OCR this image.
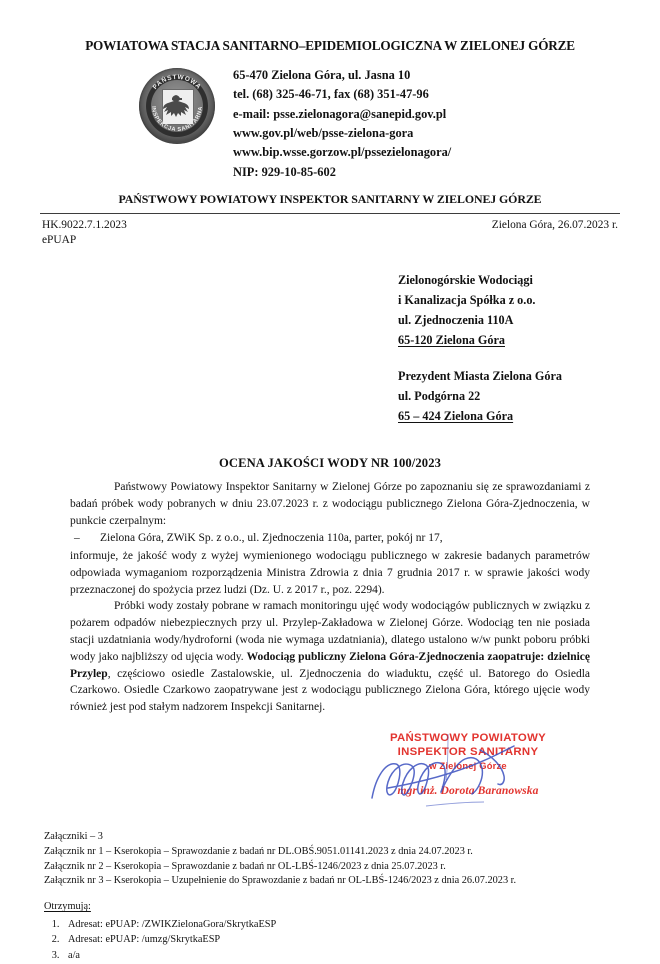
POWIATOWA STACJA SANITARNO–EPIDEMIOLOGICZNA W ZIELONEJ GÓRZE
PAŃSTWOWA
INSPEKCJA SANITARNA
65-470 Zielona Góra, ul. Jasna 10
tel. (68) 325-46-71, fax (68) 351-47-96
e-mail: psse.zielonagora@sanepid.gov.pl
www.gov.pl/web/psse-zielona-gora
www.bip.wsse.gorzow.pl/pssezielonagora/
NIP: 929-10-85-602
PAŃSTWOWY POWIATOWY INSPEKTOR SANITARNY W ZIELONEJ GÓRZE
HK.9022.7.1.2023
ePUAP
Zielona Góra, 26.07.2023 r.
Zielonogórskie Wodociągi
i Kanalizacja Spółka z o.o.
ul. Zjednoczenia 110A
65-120 Zielona Góra
Prezydent Miasta Zielona Góra
ul. Podgórna 22
65 – 424 Zielona Góra
OCENA JAKOŚCI WODY NR 100/2023

Państwowy Powiatowy Inspektor Sanitarny w Zielonej Górze po zapoznaniu się ze sprawozdaniami z badań próbek wody pobranych w dniu 23.07.2023 r. z wodociągu publicznego Zielona Góra-Zjednoczenia, w punkcie czerpalnym:

– Zielona Góra, ZWiK Sp. z o.o., ul. Zjednoczenia 110a, parter, pokój nr 17,

informuje, że jakość wody z wyżej wymienionego wodociągu publicznego w zakresie badanych parametrów odpowiada wymaganiom rozporządzenia Ministra Zdrowia z dnia 7 grudnia 2017 r. w sprawie jakości wody przeznaczonej do spożycia przez ludzi (Dz. U. z 2017 r., poz. 2294).

Próbki wody zostały pobrane w ramach monitoringu ujęć wody wodociągów publicznych w związku z pożarem odpadów niebezpiecznych przy ul. Przylep-Zakładowa w Zielonej Górze. Wodociąg ten nie posiada stacji uzdatniania wody/hydroforni (woda nie wymaga uzdatniania), dlatego ustalono w/w punkt poboru próbki wody jako najbliższy od ujęcia wody. Wodociąg publiczny Zielona Góra-Zjednoczenia zaopatruje: dzielnicę Przylep, częściowo osiedle Zastalowskie, ul. Zjednoczenia do wiaduktu, część ul. Batorego do Osiedla Czarkowo. Osiedle Czarkowo zaopatrywane jest z wodociągu publicznego Zielona Góra, którego ujęcie wody również jest pod stałym nadzorem Inspekcji Sanitarnej.

PAŃSTWOWY POWIATOWY
INSPEKTOR SANITARNY
w Zielonej Górze
mgr inż. Dorota Baranowska
Załączniki – 3
Załącznik nr 1 – Kserokopia – Sprawozdanie z badań nr DL.OBŚ.9051.01141.2023 z dnia 24.07.2023 r.
Załącznik nr 2 – Kserokopia – Sprawozdanie z badań nr OL-LBŚ-1246/2023 z dnia 25.07.2023 r.
Załącznik nr 3 – Kserokopia – Uzupełnienie do Sprawozdanie z badań nr OL-LBŚ-1246/2023 z dnia 26.07.2023 r.
Otrzymują:
1. Adresat: ePUAP: /ZWIKZielonaGora/SkrytkaESP
2. Adresat: ePUAP: /umzg/SkrytkaESP
3. a/a
